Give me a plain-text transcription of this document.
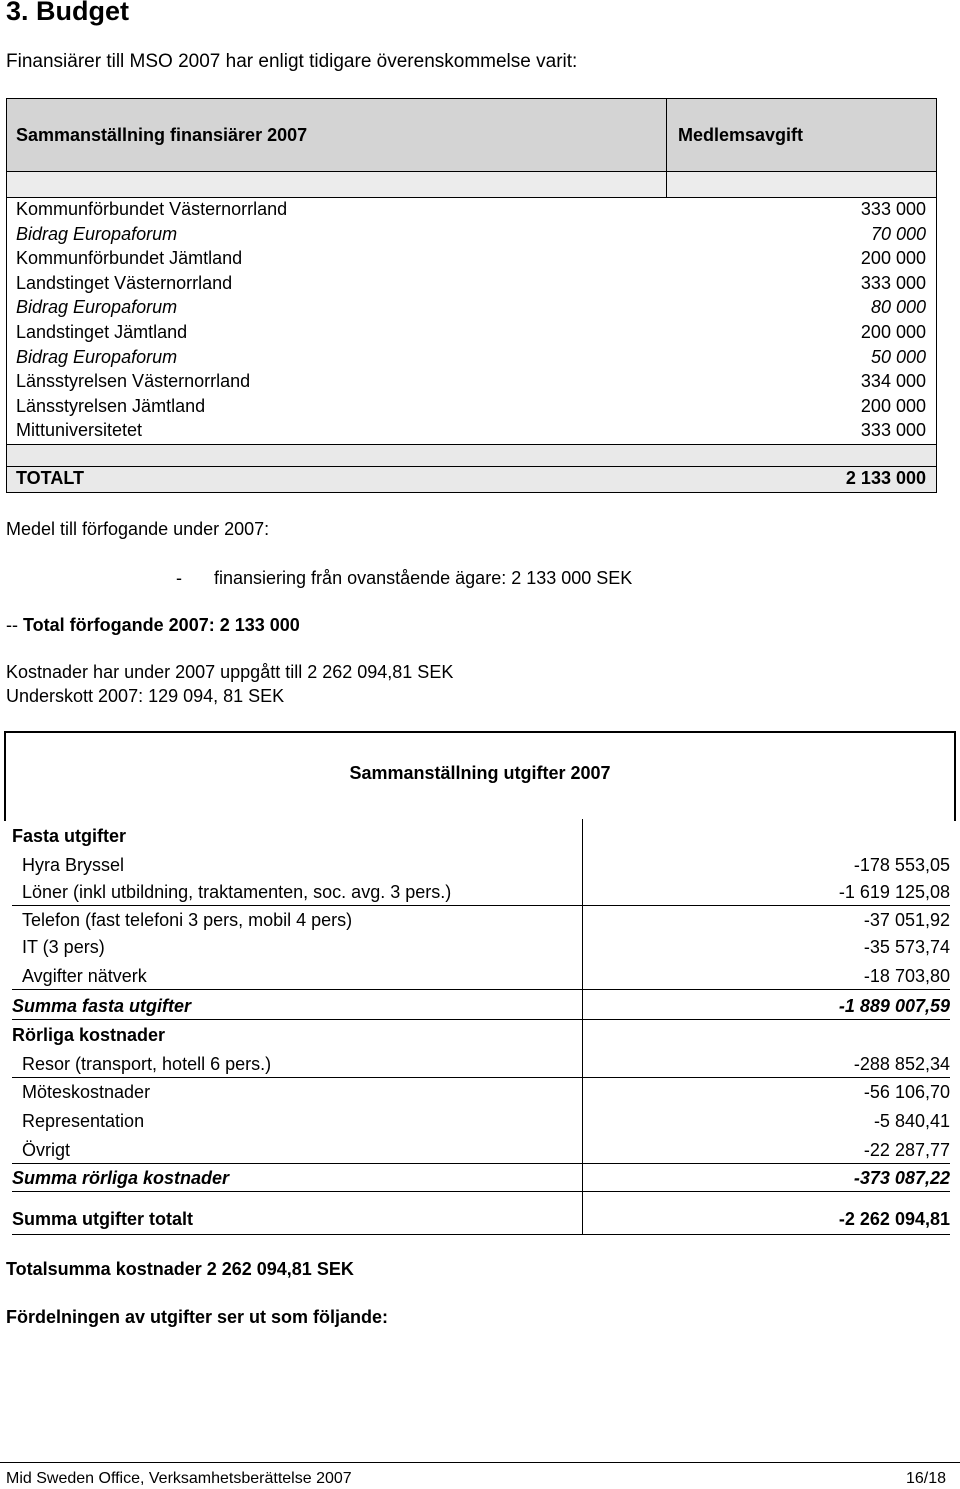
3. Budget
Finansiärer till MSO 2007 har enligt tidigare överenskommelse varit:
Sammanställning finansiärer 2007	Medlemsavgift
Kommunförbundet Västernorrland	333 000
Bidrag Europaforum	70 000
Kommunförbundet Jämtland	200 000
Landstinget Västernorrland	333 000
Bidrag Europaforum	80 000
Landstinget Jämtland	200 000
Bidrag Europaforum	50 000
Länsstyrelsen Västernorrland	334 000
Länsstyrelsen Jämtland	200 000
Mittuniversitetet	333 000
TOTALT	2 133 000
Medel till förfogande under 2007:
- finansiering från ovanstående ägare: 2 133 000 SEK
-- Total förfogande 2007: 2 133 000
Kostnader har under 2007 uppgått till 2 262 094,81 SEK
Underskott 2007: 129 094, 81 SEK
Sammanställning utgifter 2007
Fasta utgifter
Hyra Bryssel	-178 553,05
Löner (inkl utbildning, traktamenten, soc. avg. 3 pers.)	-1 619 125,08
Telefon (fast telefoni 3 pers, mobil 4 pers)	-37 051,92
IT (3 pers)	-35 573,74
Avgifter nätverk	-18 703,80
Summa fasta utgifter	-1 889 007,59
Rörliga kostnader
Resor (transport, hotell 6 pers.)	-288 852,34
Möteskostnader	-56 106,70
Representation	-5 840,41
Övrigt	-22 287,77
Summa rörliga kostnader	-373 087,22
Summa utgifter totalt	-2 262 094,81
Totalsumma kostnader 2 262 094,81 SEK
Fördelningen av utgifter ser ut som följande:
Mid Sweden Office, Verksamhetsberättelse 2007	16/18
